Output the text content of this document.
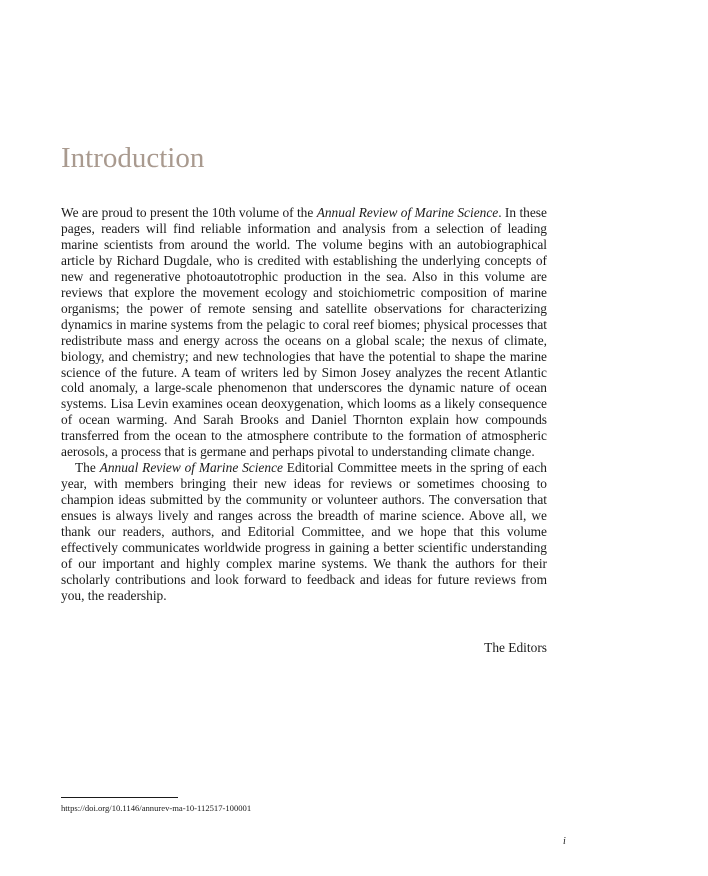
Introduction

We are proud to present the 10th volume of the Annual Review of Marine Science. In these pages, readers will find reliable information and analysis from a selection of leading marine scientists from around the world. The volume begins with an autobiographical article by Richard Dugdale, who is credited with establishing the underlying concepts of new and regenerative photoautotrophic production in the sea. Also in this volume are reviews that explore the movement ecology and stoichiometric composition of marine organisms; the power of remote sensing and satellite observations for characterizing dynamics in marine systems from the pelagic to coral reef biomes; physical processes that redistribute mass and energy across the oceans on a global scale; the nexus of climate, biology, and chemistry; and new technologies that have the potential to shape the marine science of the future. A team of writers led by Simon Josey analyzes the recent Atlantic cold anomaly, a large-scale phenomenon that underscores the dynamic nature of ocean systems. Lisa Levin examines ocean deoxygenation, which looms as a likely consequence of ocean warming. And Sarah Brooks and Daniel Thornton explain how compounds transferred from the ocean to the atmosphere contribute to the formation of atmospheric aerosols, a process that is germane and perhaps pivotal to understanding climate change.

The Annual Review of Marine Science Editorial Committee meets in the spring of each year, with members bringing their new ideas for reviews or sometimes choosing to champion ideas submitted by the community or volunteer authors. The conversation that ensues is always lively and ranges across the breadth of marine science. Above all, we thank our readers, authors, and Editorial Committee, and we hope that this volume effectively communicates worldwide progress in gaining a better scientific understanding of our important and highly complex marine systems. We thank the authors for their scholarly contributions and look forward to feedback and ideas for future reviews from you, the readership.

The Editors
https://doi.org/10.1146/annurev-ma-10-112517-100001
i
